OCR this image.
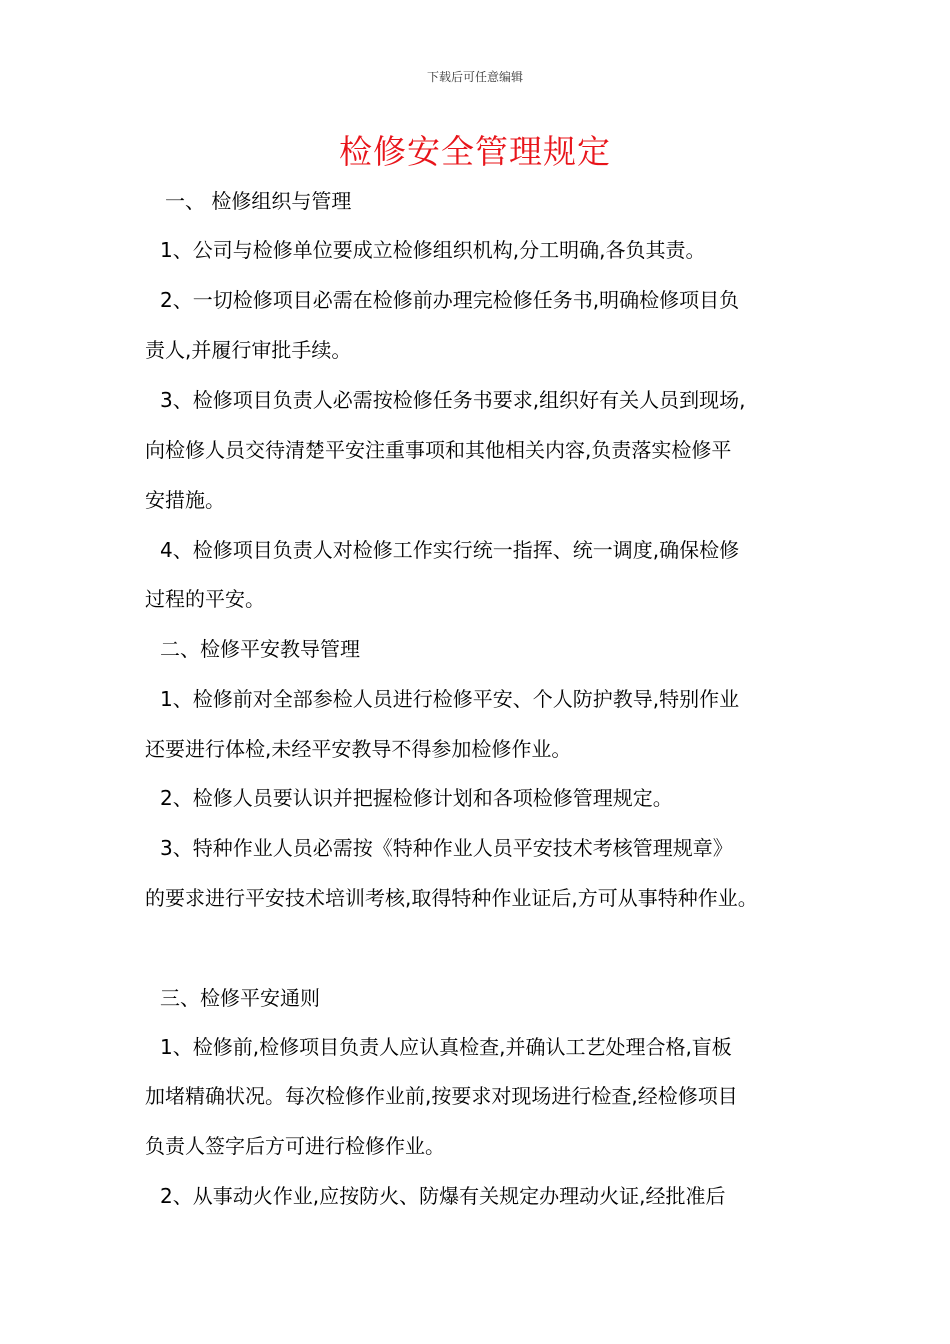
下载后可任意编辑
检修安全管理规定
一、 检修组织与管理
1、公司与检修单位要成立检修组织机构,分工明确,各负其责。
2、一切检修项目必需在检修前办理完检修任务书,明确检修项目负
责人,并履行审批手续。
3、检修项目负责人必需按检修任务书要求,组织好有关人员到现场,
向检修人员交待清楚平安注重事项和其他相关内容,负责落实检修平
安措施。
4、检修项目负责人对检修工作实行统一指挥、统一调度,确保检修
过程的平安。
二、检修平安教导管理
1、检修前对全部参检人员进行检修平安、个人防护教导,特别作业
还要进行体检,未经平安教导不得参加检修作业。
2、检修人员要认识并把握检修计划和各项检修管理规定。
3、特种作业人员必需按《特种作业人员平安技术考核管理规章》
的要求进行平安技术培训考核,取得特种作业证后,方可从事特种作业。
三、检修平安通则
1、检修前,检修项目负责人应认真检查,并确认工艺处理合格,盲板
加堵精确状况。每次检修作业前,按要求对现场进行检查,经检修项目
负责人签字后方可进行检修作业。
2、从事动火作业,应按防火、防爆有关规定办理动火证,经批准后
